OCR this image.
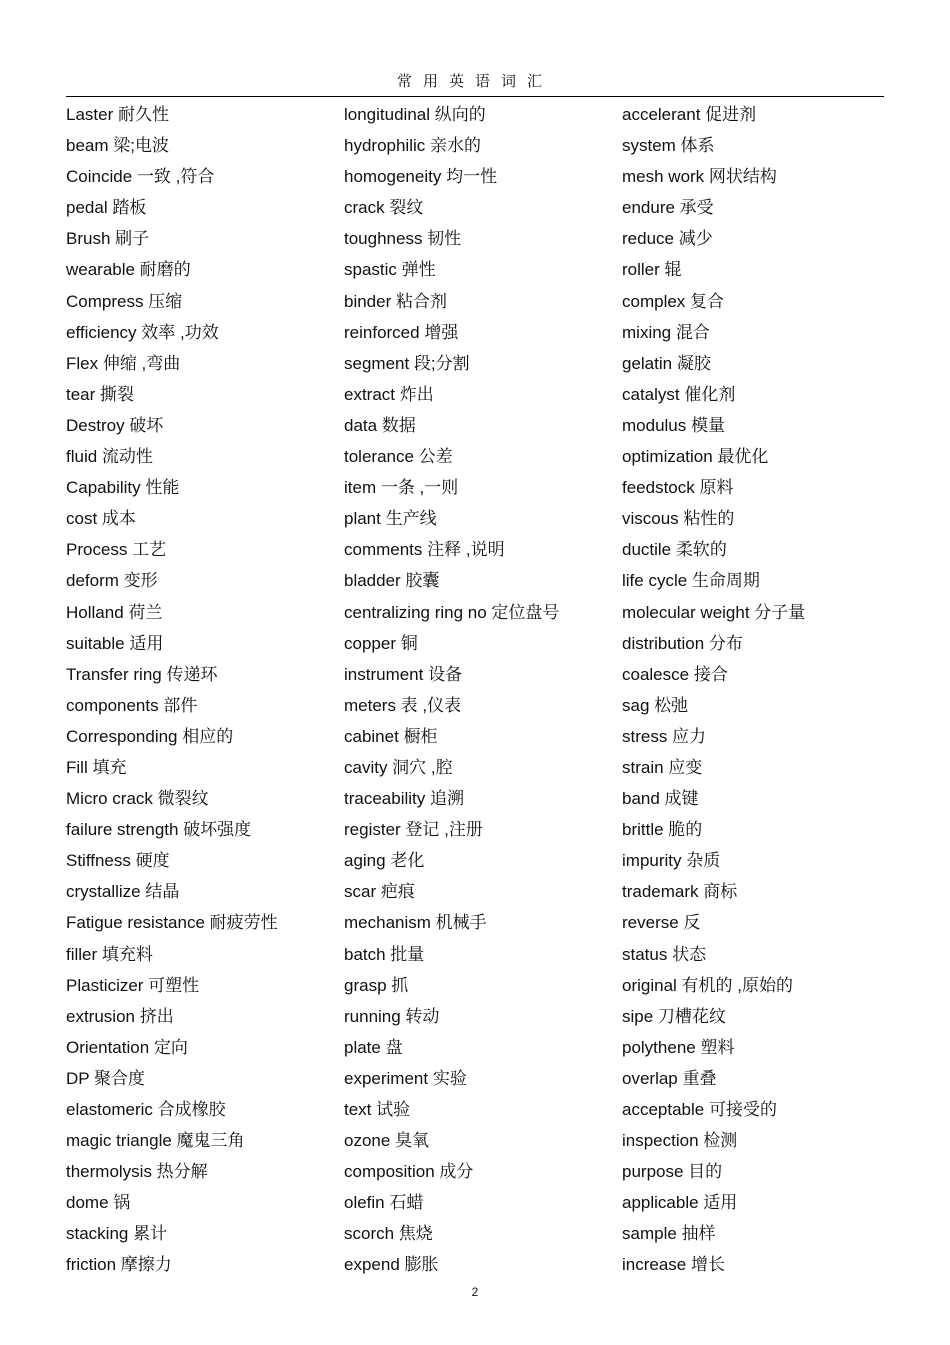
常用英语词汇
Laster 耐久性
beam 梁;电波
Coincide 一致 ,符合
pedal 踏板
Brush 刷子
wearable 耐磨的
Compress 压缩
efficiency 效率 ,功效
Flex 伸缩 ,弯曲
tear 撕裂
Destroy 破坏
fluid 流动性
Capability 性能
cost 成本
Process 工艺
deform 变形
Holland 荷兰
suitable 适用
Transfer ring 传递环
components 部件
Corresponding 相应的
Fill 填充
Micro crack 微裂纹
failure strength 破坏强度
Stiffness 硬度
crystallize 结晶
Fatigue resistance 耐疲劳性
filler 填充料
Plasticizer 可塑性
extrusion 挤出
Orientation 定向
DP 聚合度
elastomeric 合成橡胶
magic triangle 魔鬼三角
thermolysis 热分解
dome 锅
stacking 累计
friction 摩擦力
longitudinal 纵向的
hydrophilic 亲水的
homogeneity 均一性
crack 裂纹
toughness 韧性
spastic 弹性
binder 粘合剂
reinforced 增强
segment 段;分割
extract 炸出
data 数据
tolerance 公差
item 一条 ,一则
plant 生产线
comments 注释 ,说明
bladder 胶囊
centralizing ring no 定位盘号
copper 铜
instrument 设备
meters 表 ,仪表
cabinet 橱柜
cavity 洞穴 ,腔
traceability 追溯
register 登记 ,注册
aging 老化
scar 疤痕
mechanism 机械手
batch 批量
grasp 抓
running 转动
plate 盘
experiment 实验
text 试验
ozone 臭氧
composition 成分
olefin 石蜡
scorch 焦烧
expend 膨胀
accelerant 促进剂
system 体系
mesh work 网状结构
endure 承受
reduce 减少
roller 辊
complex 复合
mixing 混合
gelatin 凝胶
catalyst 催化剂
modulus 模量
optimization 最优化
feedstock 原料
viscous 粘性的
ductile 柔软的
life cycle 生命周期
molecular weight 分子量
distribution 分布
coalesce 接合
sag 松弛
stress 应力
strain 应变
band 成键
brittle 脆的
impurity 杂质
trademark 商标
reverse 反
status 状态
original 有机的 ,原始的
sipe 刀槽花纹
polythene 塑料
overlap 重叠
acceptable 可接受的
inspection 检测
purpose 目的
applicable 适用
sample 抽样
increase 增长
2
